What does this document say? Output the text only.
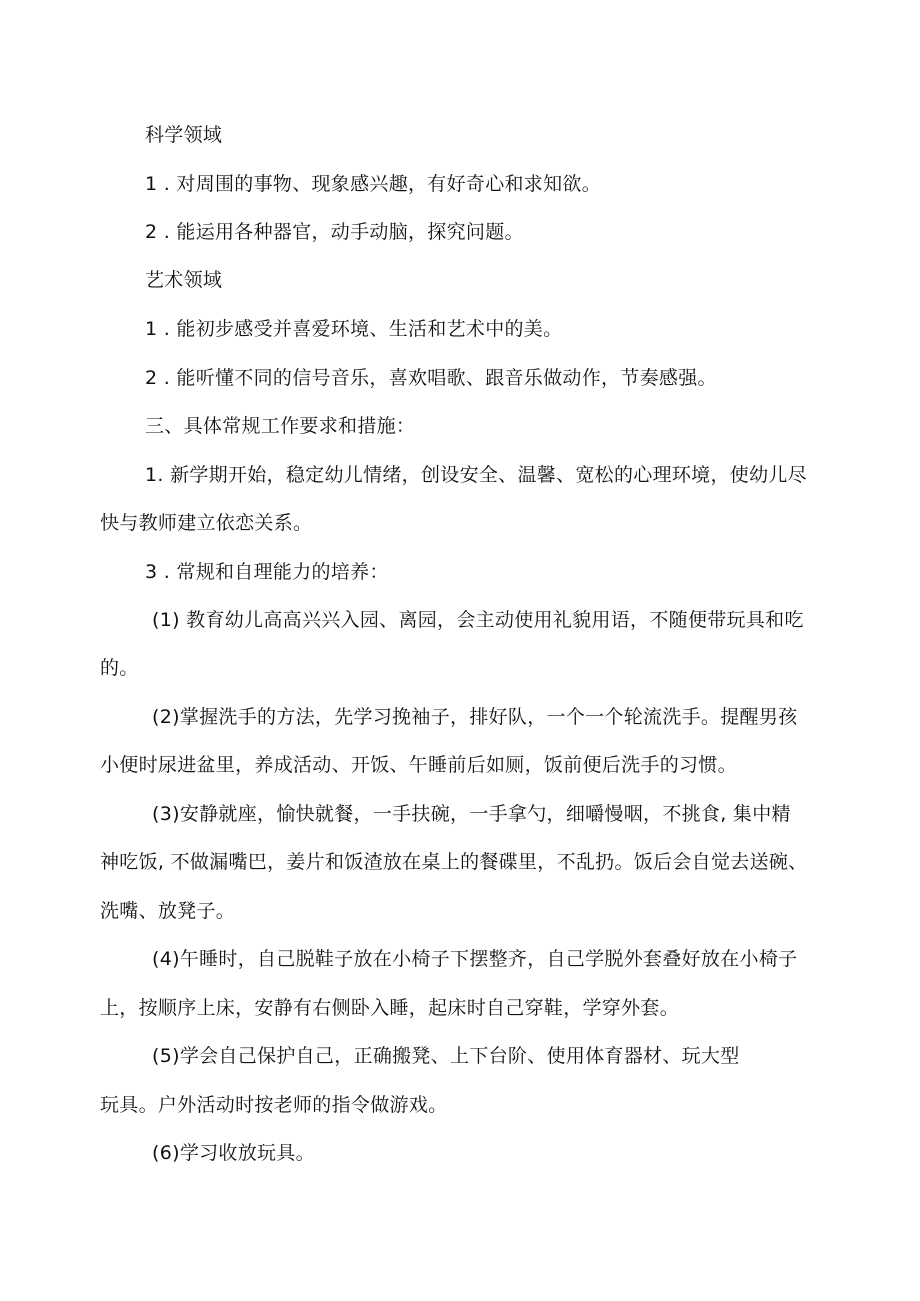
科学领域
1 . 对周围的事物、现象感兴趣，有好奇心和求知欲。
2 . 能运用各种器官，动手动脑，探究问题。
艺术领域
1 . 能初步感受并喜爱环境、生活和艺术中的美。
2 . 能听懂不同的信号音乐，喜欢唱歌、跟音乐做动作，节奏感强。
三、具体常规工作要求和措施：
1. 新学期开始，稳定幼儿情绪，创设安全、温馨、宽松的心理环境，使幼儿尽
快与教师建立依恋关系。
3 . 常规和自理能力的培养：
(1) 教育幼儿高高兴兴入园、离园，会主动使用礼貌用语，不随便带玩具和吃
的。
(2)掌握洗手的方法，先学习挽袖子，排好队，一个一个轮流洗手。提醒男孩
小便时尿进盆里，养成活动、开饭、午睡前后如厕，饭前便后洗手的习惯。
(3)安静就座，愉快就餐，一手扶碗，一手拿勺，细嚼慢咽，不挑食, 集中精
神吃饭, 不做漏嘴巴，姜片和饭渣放在桌上的餐碟里，不乱扔。饭后会自觉去送碗、
洗嘴、放凳子。
(4)午睡时，自己脱鞋子放在小椅子下摆整齐，自己学脱外套叠好放在小椅子
上，按顺序上床，安静有右侧卧入睡，起床时自己穿鞋，学穿外套。
(5)学会自己保护自己，正确搬凳、上下台阶、使用体育器材、玩大型
玩具。户外活动时按老师的指令做游戏。
(6)学习收放玩具。
